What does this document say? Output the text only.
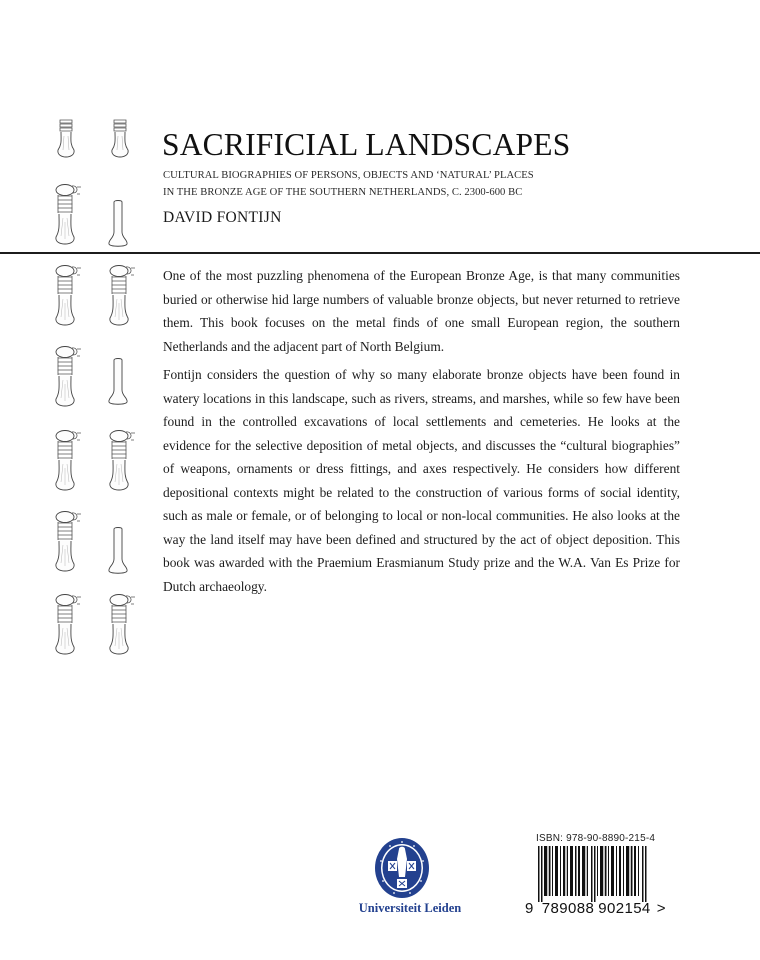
SACRIFICIAL LANDSCAPES
CULTURAL BIOGRAPHIES OF PERSONS, OBJECTS AND ‘NATURAL’ PLACES
IN THE BRONZE AGE OF THE SOUTHERN NETHERLANDS, C. 2300-600 BC
DAVID FONTIJN

One of the most puzzling phenomena of the European Bronze Age, is that many communities buried or otherwise hid large numbers of valuable bronze objects, but never returned to retrieve them. This book focuses on the metal finds of one small European region, the southern Netherlands and the adjacent part of North Belgium.

Fontijn considers the question of why so many elaborate bronze objects have been found in watery locations in this landscape, such as rivers, streams, and marshes, while so few have been found in the controlled excavations of local settlements and cemeteries. He looks at the evidence for the selective deposition of metal objects, and discusses the “cultural biographies” of weapons, ornaments or dress fittings, and axes respectively. He considers how different depositional contexts might be related to the construction of various forms of social identity, such as male or female, or of belonging to local or non-local communities. He also looks at the way the land itself may have been defined and structured by the act of object deposition. This book was awarded with the Praemium Erasmianum Study prize and the W.A. Van Es Prize for Dutch archaeology.

Universiteit Leiden
ISBN: 978-90-8890-215-4
9 789088 902154 >
